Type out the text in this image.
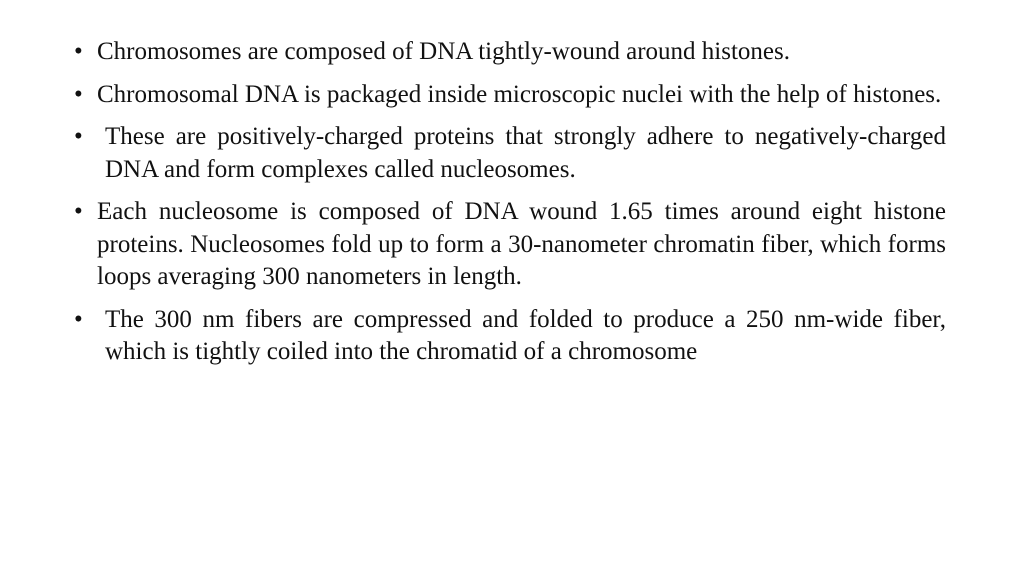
• Chromosomes are composed of DNA tightly-wound around histones.
• Chromosomal DNA is packaged inside microscopic nuclei with the help of histones.
• These are positively-charged proteins that strongly adhere to negatively-charged DNA and form complexes called nucleosomes.
• Each nucleosome is composed of DNA wound 1.65 times around eight histone proteins. Nucleosomes fold up to form a 30-nanometer chromatin fiber, which forms loops averaging 300 nanometers in length.
• The 300 nm fibers are compressed and folded to produce a 250 nm-wide fiber, which is tightly coiled into the chromatid of a chromosome
